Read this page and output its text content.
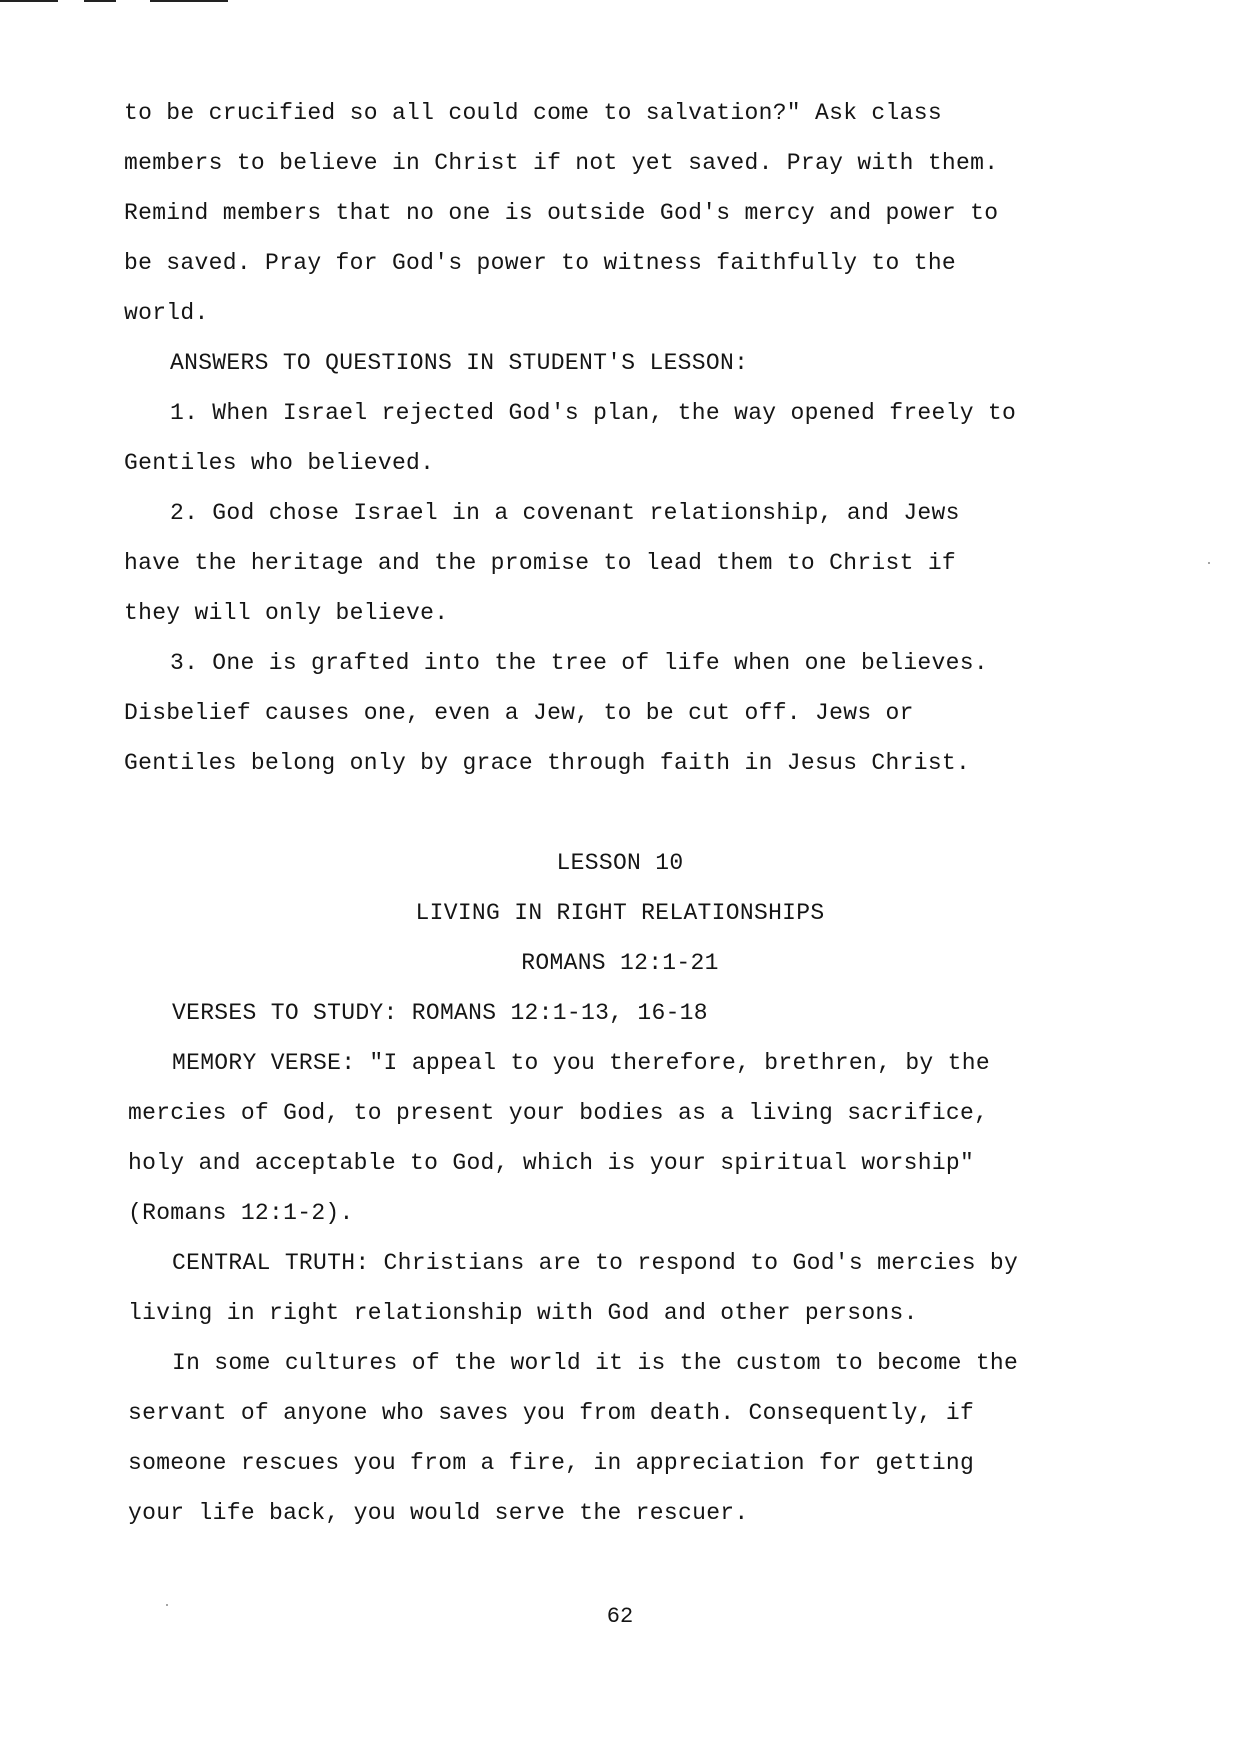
to be crucified so all could come to salvation?" Ask class
members to believe in Christ if not yet saved. Pray with them.
Remind members that no one is outside God's mercy and power to
be saved. Pray for God's power to witness faithfully to the
world.
ANSWERS TO QUESTIONS IN STUDENT'S LESSON:
1. When Israel rejected God's plan, the way opened freely to
Gentiles who believed.
2. God chose Israel in a covenant relationship, and Jews
have the heritage and the promise to lead them to Christ if
they will only believe.
3. One is grafted into the tree of life when one believes.
Disbelief causes one, even a Jew, to be cut off. Jews or
Gentiles belong only by grace through faith in Jesus Christ.
LESSON 10
LIVING IN RIGHT RELATIONSHIPS
ROMANS 12:1-21
VERSES TO STUDY: ROMANS 12:1-13, 16-18
MEMORY VERSE: "I appeal to you therefore, brethren, by the
mercies of God, to present your bodies as a living sacrifice,
holy and acceptable to God, which is your spiritual worship"
(Romans 12:1-2).
CENTRAL TRUTH: Christians are to respond to God's mercies by
living in right relationship with God and other persons.
In some cultures of the world it is the custom to become the
servant of anyone who saves you from death. Consequently, if
someone rescues you from a fire, in appreciation for getting
your life back, you would serve the rescuer.
62
